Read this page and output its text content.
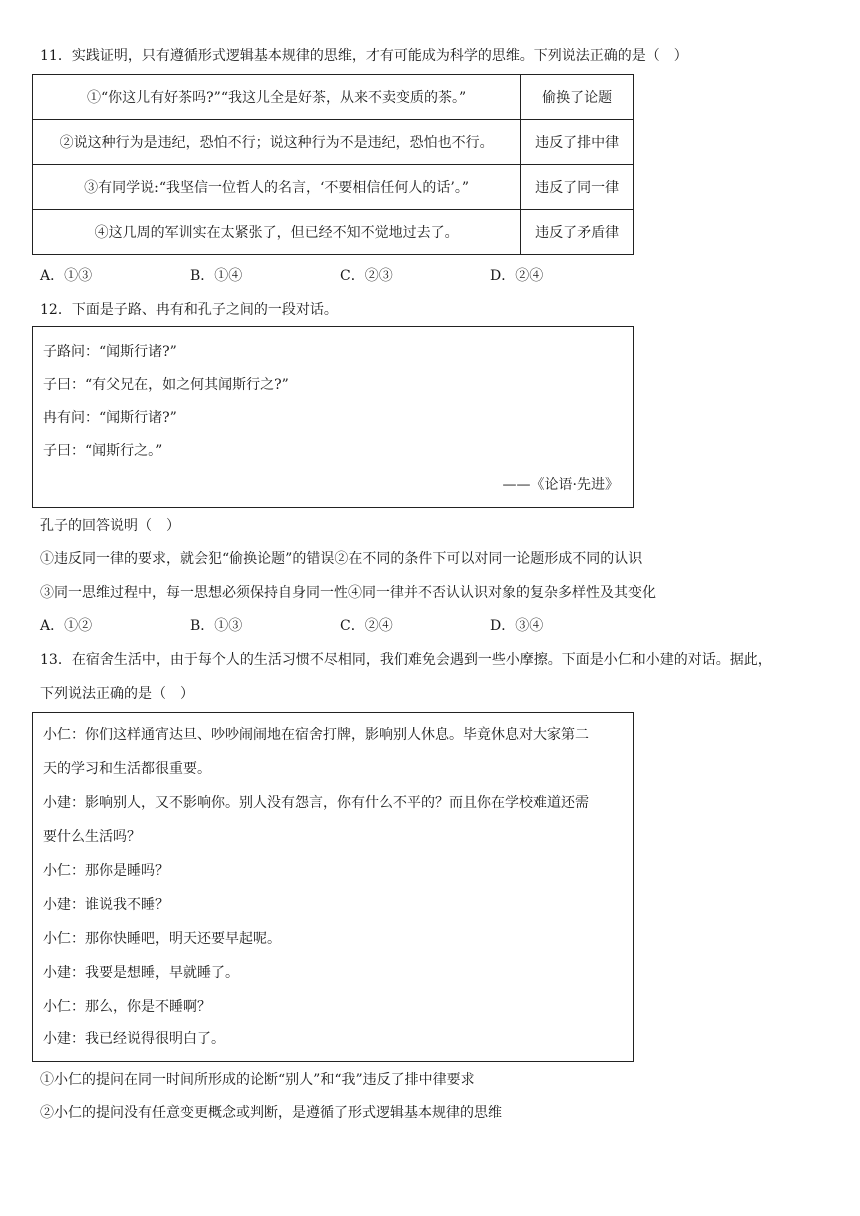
11．实践证明，只有遵循形式逻辑基本规律的思维，才有可能成为科学的思维。下列说法正确的是（　）
①“你这儿有好茶吗?”“我这儿全是好茶，从来不卖变质的茶。”	偷换了论题
②说这种行为是违纪，恐怕不行；说这种行为不是违纪，恐怕也不行。	违反了排中律
③有同学说:“我坚信一位哲人的名言，‘不要相信任何人的话’。”	违反了同一律
④这几周的军训实在太紧张了，但已经不知不觉地过去了。	违反了矛盾律
A．①③	B．①④	C．②③	D．②④
12．下面是子路、冉有和孔子之间的一段对话。
子路问：“闻斯行诸?”
子曰：“有父兄在，如之何其闻斯行之?”
冉有问：“闻斯行诸?”
子曰：“闻斯行之。”
——《论语·先进》
孔子的回答说明（　）
①违反同一律的要求，就会犯“偷换论题”的错误②在不同的条件下可以对同一论题形成不同的认识
③同一思维过程中，每一思想必须保持自身同一性④同一律并不否认认识对象的复杂多样性及其变化
A．①②	B．①③	C．②④	D．③④
13．在宿舍生活中，由于每个人的生活习惯不尽相同，我们难免会遇到一些小摩擦。下面是小仁和小建的对话。据此，
下列说法正确的是（　）
小仁：你们这样通宵达旦、吵吵闹闹地在宿舍打牌，影响别人休息。毕竟休息对大家第二
天的学习和生活都很重要。
小建：影响别人，又不影响你。别人没有怨言，你有什么不平的？而且你在学校难道还需
要什么生活吗？
小仁：那你是睡吗？
小建：谁说我不睡？
小仁：那你快睡吧，明天还要早起呢。
小建：我要是想睡，早就睡了。
小仁：那么，你是不睡啊？
小建：我已经说得很明白了。
①小仁的提问在同一时间所形成的论断“别人”和“我”违反了排中律要求
②小仁的提问没有任意变更概念或判断，是遵循了形式逻辑基本规律的思维
